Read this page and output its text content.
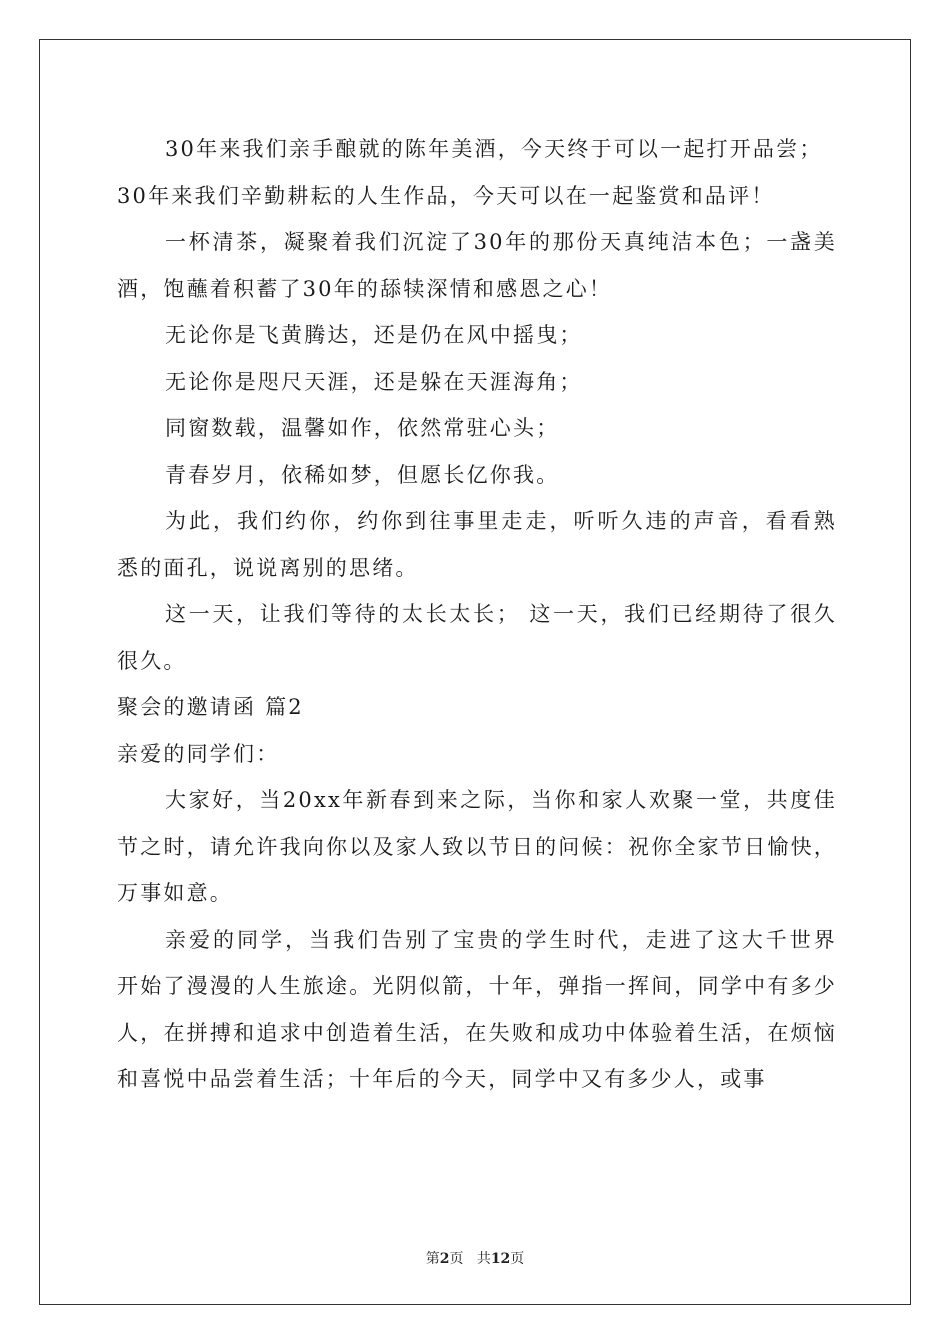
30年来我们亲手酿就的陈年美酒，今天终于可以一起打开品尝；

30年来我们辛勤耕耘的人生作品，今天可以在一起鉴赏和品评！

一杯清茶，凝聚着我们沉淀了30年的那份天真纯洁本色；一盏美酒，饱蘸着积蓄了30年的舔犊深情和感恩之心！

无论你是飞黄腾达，还是仍在风中摇曳；

无论你是咫尺天涯，还是躲在天涯海角；

同窗数载，温馨如作，依然常驻心头；

青春岁月，依稀如梦，但愿长亿你我。

为此，我们约你，约你到往事里走走，听听久违的声音，看看熟悉的面孔，说说离别的思绪。

这一天，让我们等待的太长太长； 这一天，我们已经期待了很久很久。

聚会的邀请函 篇2

亲爱的同学们：

大家好，当20xx年新春到来之际，当你和家人欢聚一堂，共度佳节之时，请允许我向你以及家人致以节日的问候：祝你全家节日愉快，万事如意。

亲爱的同学，当我们告别了宝贵的学生时代，走进了这大千世界开始了漫漫的人生旅途。光阴似箭，十年，弹指一挥间，同学中有多少人，在拼搏和追求中创造着生活，在失败和成功中体验着生活，在烦恼和喜悦中品尝着生活；十年后的今天，同学中又有多少人，或事

第2页 共12页
